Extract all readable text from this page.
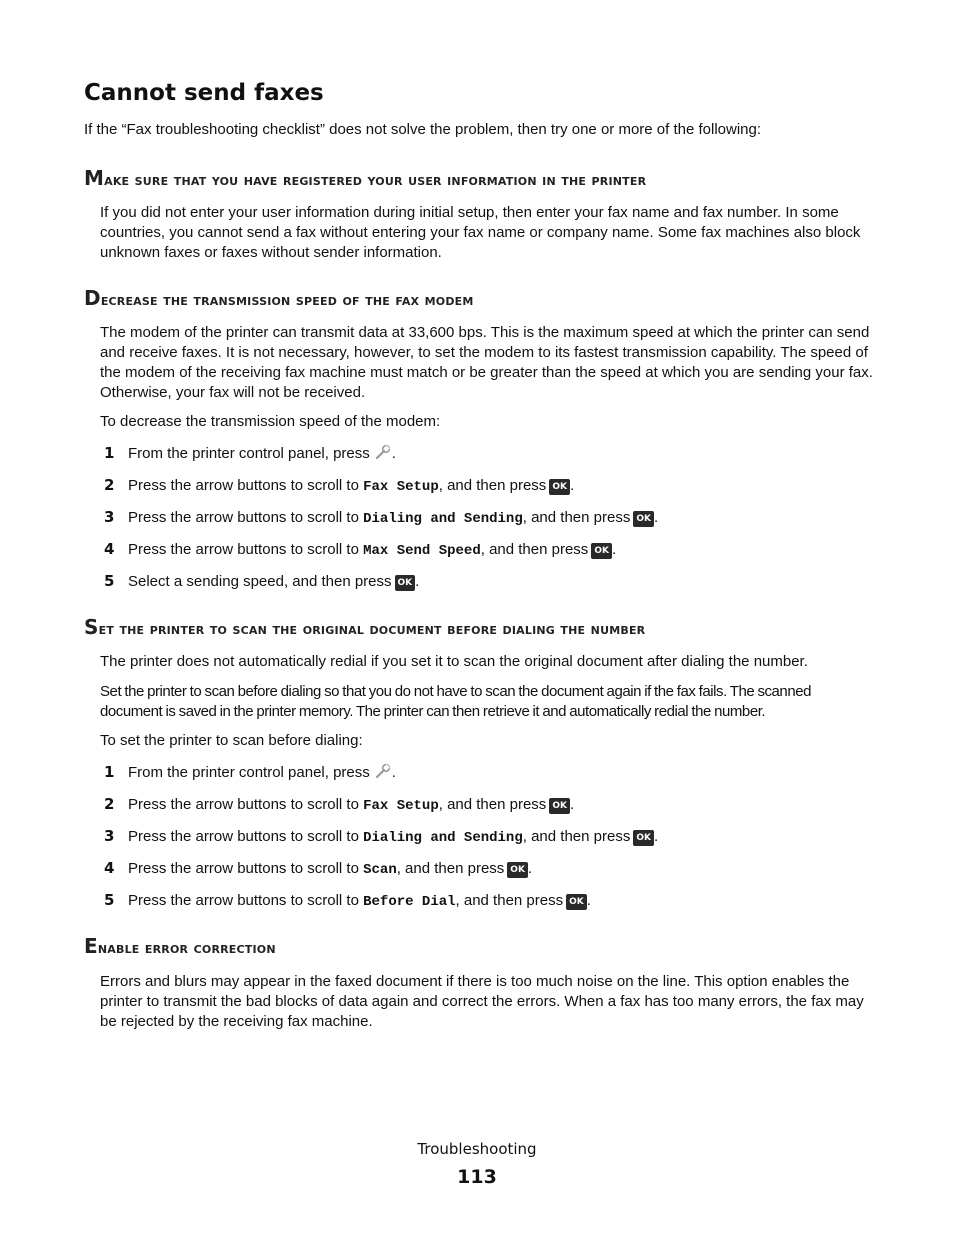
Cannot send faxes

If the “Fax troubleshooting checklist” does not solve the problem, then try one or more of the following:

Make sure that you have registered your user information in the printer

If you did not enter your user information during initial setup, then enter your fax name and fax number. In some countries, you cannot send a fax without entering your fax name or company name. Some fax machines also block unknown faxes or faxes without sender information.

Decrease the transmission speed of the fax modem

The modem of the printer can transmit data at 33,600 bps. This is the maximum speed at which the printer can send and receive faxes. It is not necessary, however, to set the modem to its fastest transmission capability. The speed of the modem of the receiving fax machine must match or be greater than the speed at which you are sending your fax. Otherwise, your fax will not be received.

To decrease the transmission speed of the modem:

1 From the printer control panel, press .
2 Press the arrow buttons to scroll to Fax Setup, and then press OK .
3 Press the arrow buttons to scroll to Dialing and Sending, and then press OK .
4 Press the arrow buttons to scroll to Max Send Speed, and then press OK .
5 Select a sending speed, and then press OK .
Set the printer to scan the original document before dialing the number

The printer does not automatically redial if you set it to scan the original document after dialing the number.

Set the printer to scan before dialing so that you do not have to scan the document again if the fax fails. The scanned document is saved in the printer memory. The printer can then retrieve it and automatically redial the number.

To set the printer to scan before dialing:

1 From the printer control panel, press .
2 Press the arrow buttons to scroll to Fax Setup, and then press OK .
3 Press the arrow buttons to scroll to Dialing and Sending, and then press OK .
4 Press the arrow buttons to scroll to Scan, and then press OK .
5 Press the arrow buttons to scroll to Before Dial, and then press OK .
Enable error correction

Errors and blurs may appear in the faxed document if there is too much noise on the line. This option enables the printer to transmit the bad blocks of data again and correct the errors. When a fax has too many errors, the fax may be rejected by the receiving fax machine.

Troubleshooting
113
